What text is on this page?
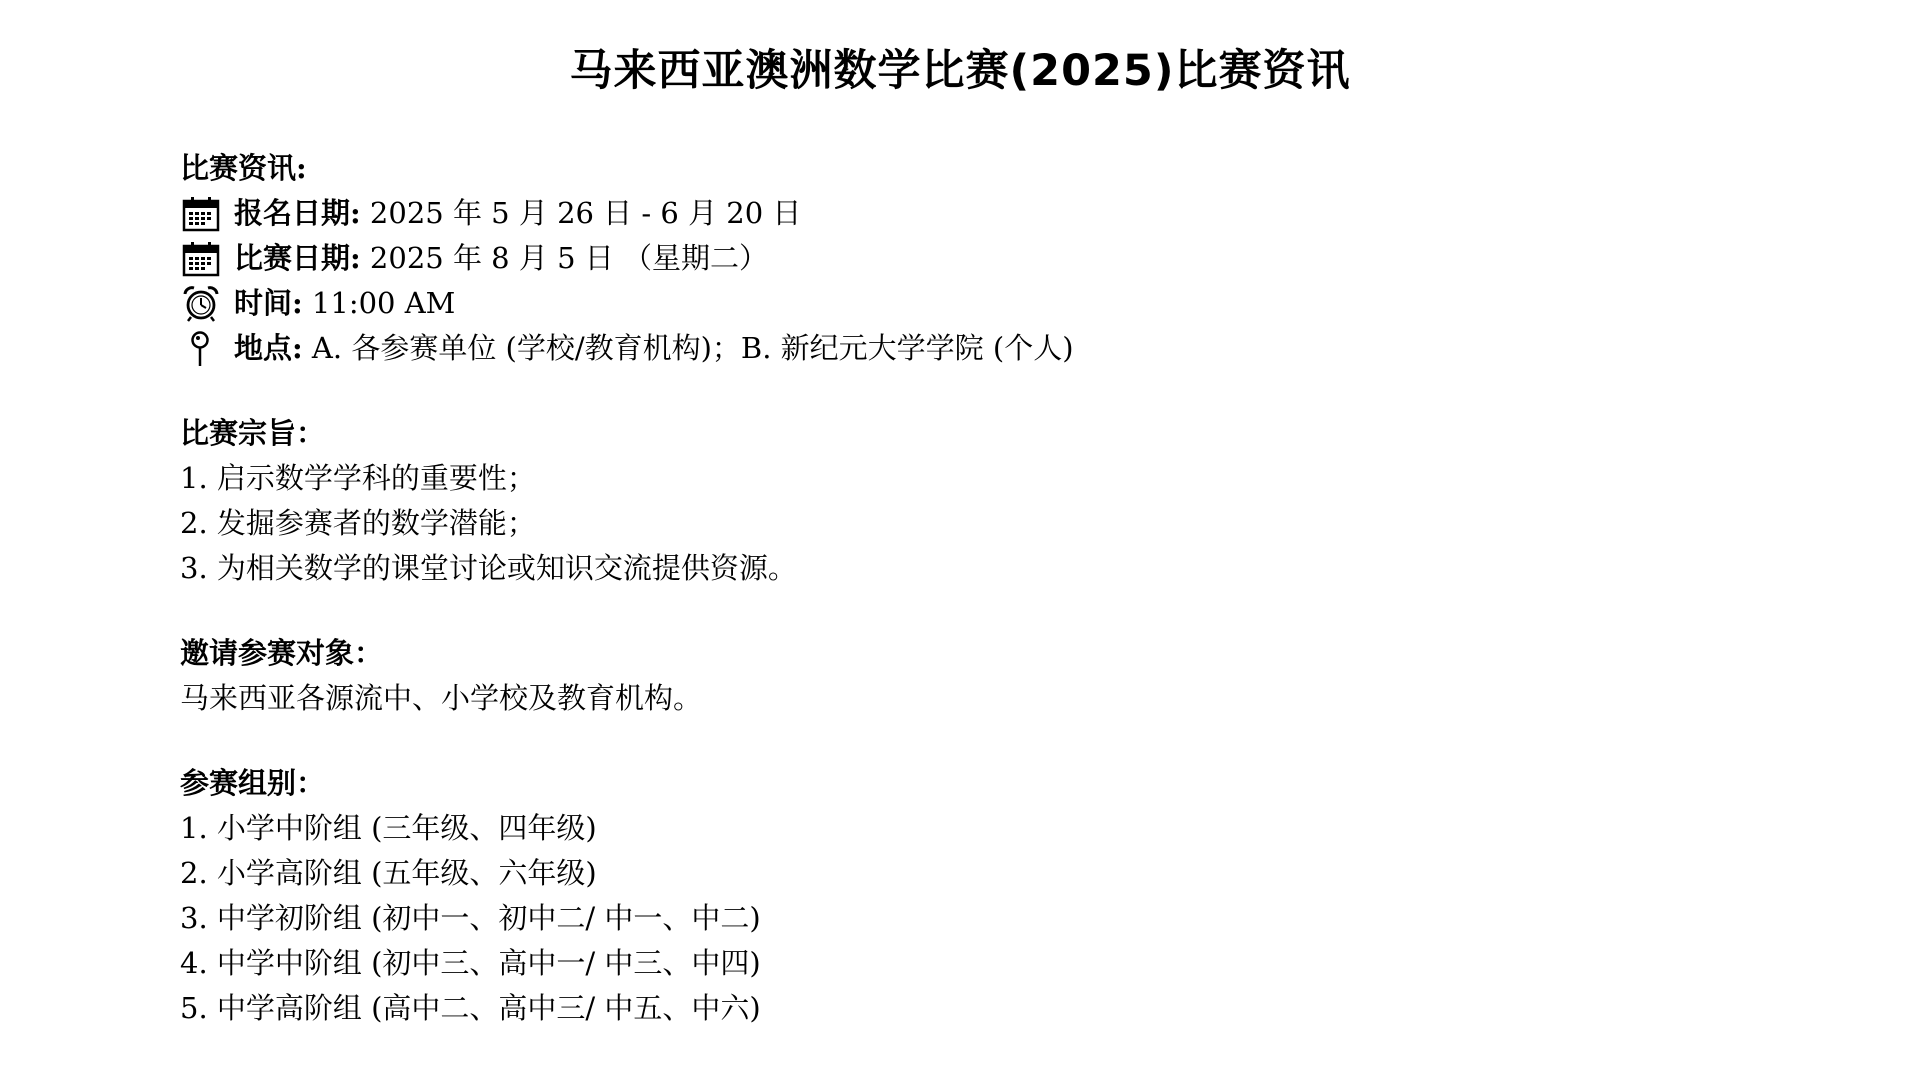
马来西亚澳洲数学比赛(2025)比赛资讯
比赛资讯:
报名日期: 2025 年 5 月 26 日 - 6 月 20 日
比赛日期: 2025 年 8 月 5 日 （星期二）
时间: 11:00 AM
地点: A. 各参赛单位 (学校/教育机构)；B. 新纪元大学学院 (个人)
比赛宗旨：
1. 启示数学学科的重要性；
2. 发掘参赛者的数学潜能；
3. 为相关数学的课堂讨论或知识交流提供资源。
邀请参赛对象：
马来西亚各源流中、小学校及教育机构。
参赛组别：
1. 小学中阶组 (三年级、四年级)
2. 小学高阶组 (五年级、六年级)
3. 中学初阶组 (初中一、初中二/ 中一、中二)
4. 中学中阶组 (初中三、高中一/ 中三、中四)
5. 中学高阶组 (高中二、高中三/ 中五、中六)
